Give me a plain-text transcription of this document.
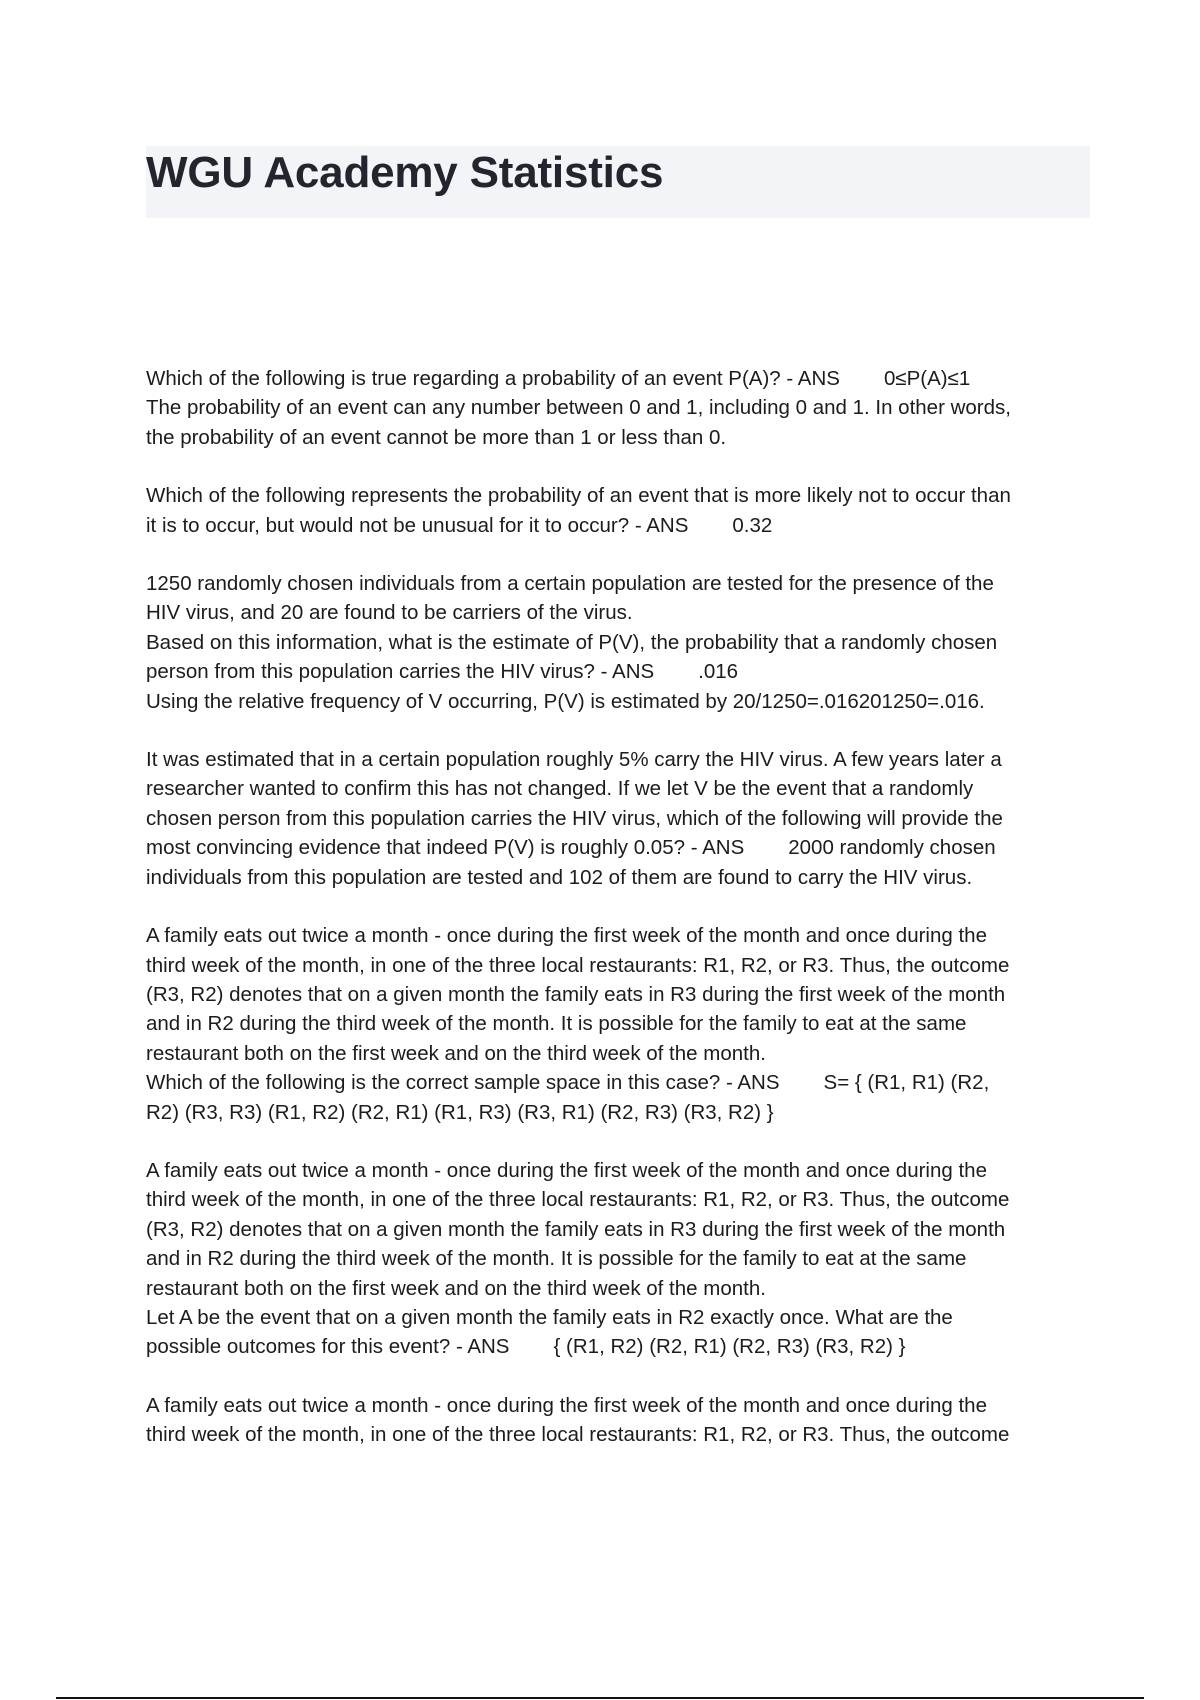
WGU Academy Statistics
Which of the following is true regarding a probability of an event P(A)? - ANS 0≤P(A)≤1
The probability of an event can any number between 0 and 1, including 0 and 1. In other words,
the probability of an event cannot be more than 1 or less than 0.
Which of the following represents the probability of an event that is more likely not to occur than
it is to occur, but would not be unusual for it to occur? - ANS 0.32
1250 randomly chosen individuals from a certain population are tested for the presence of the
HIV virus, and 20 are found to be carriers of the virus.
Based on this information, what is the estimate of P(V), the probability that a randomly chosen
person from this population carries the HIV virus? - ANS .016
Using the relative frequency of V occurring, P(V) is estimated by 20/1250=.016201250=.016.
It was estimated that in a certain population roughly 5% carry the HIV virus. A few years later a
researcher wanted to confirm this has not changed. If we let V be the event that a randomly
chosen person from this population carries the HIV virus, which of the following will provide the
most convincing evidence that indeed P(V) is roughly 0.05? - ANS 2000 randomly chosen
individuals from this population are tested and 102 of them are found to carry the HIV virus.
A family eats out twice a month - once during the first week of the month and once during the
third week of the month, in one of the three local restaurants: R1, R2, or R3. Thus, the outcome
(R3, R2) denotes that on a given month the family eats in R3 during the first week of the month
and in R2 during the third week of the month. It is possible for the family to eat at the same
restaurant both on the first week and on the third week of the month.
Which of the following is the correct sample space in this case? - ANS S= { (R1, R1) (R2,
R2) (R3, R3) (R1, R2) (R2, R1) (R1, R3) (R3, R1) (R2, R3) (R3, R2) }
A family eats out twice a month - once during the first week of the month and once during the
third week of the month, in one of the three local restaurants: R1, R2, or R3. Thus, the outcome
(R3, R2) denotes that on a given month the family eats in R3 during the first week of the month
and in R2 during the third week of the month. It is possible for the family to eat at the same
restaurant both on the first week and on the third week of the month.
Let A be the event that on a given month the family eats in R2 exactly once. What are the
possible outcomes for this event? - ANS { (R1, R2) (R2, R1) (R2, R3) (R3, R2) }
A family eats out twice a month - once during the first week of the month and once during the
third week of the month, in one of the three local restaurants: R1, R2, or R3. Thus, the outcome
